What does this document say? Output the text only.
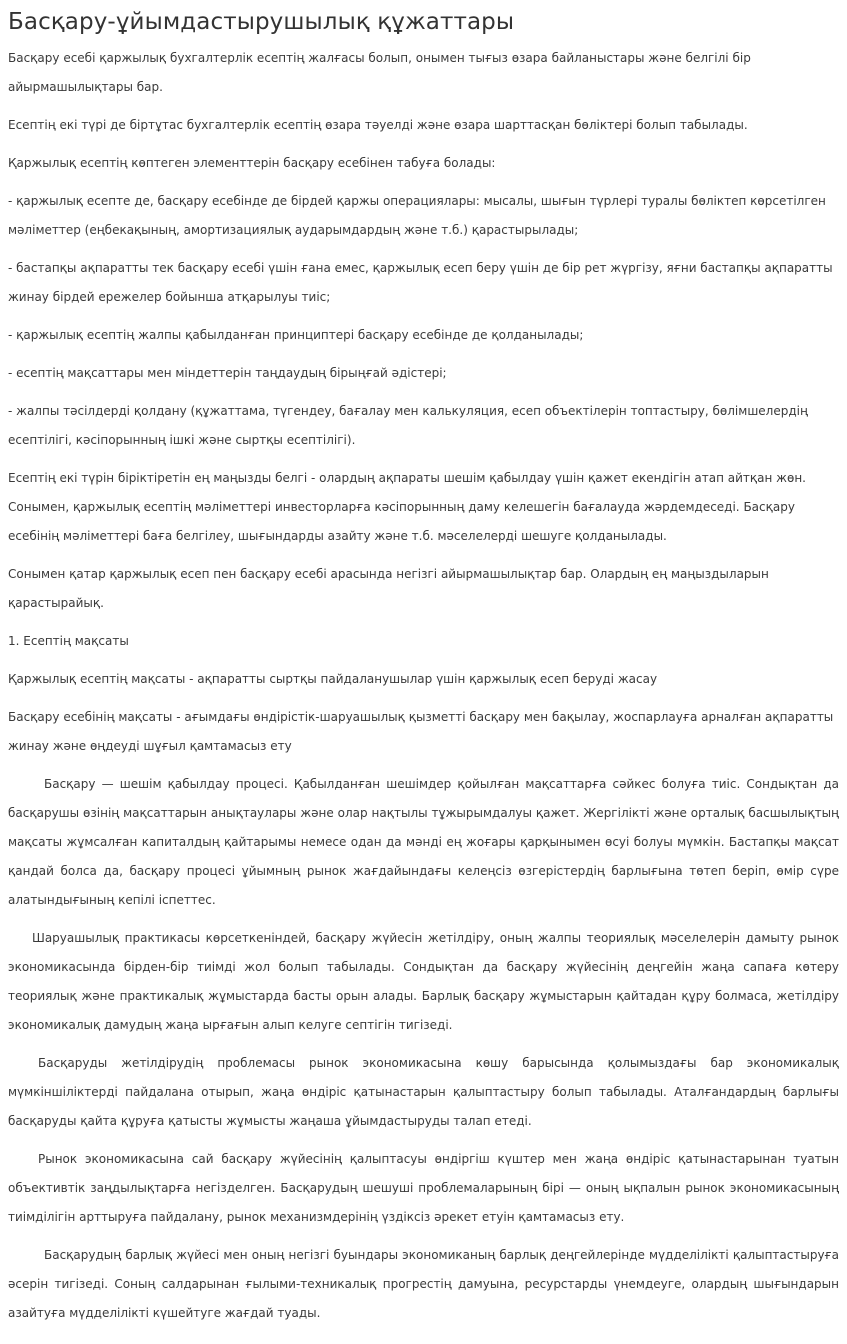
Басқару-ұйымдастырушылық құжаттары

Басқару есебі қаржылық бухгалтерлік есептің жалғасы болып, онымен тығыз өзара байланыстары және белгілі бір айырмашылықтары бар.

Есептің екі түрі де біртұтас бухгалтерлік есептің өзара тәуелді және өзара шарттасқан бөліктері болып табылады.

Қаржылық есептің көптеген элементтерін басқару есебінен табуға болады:

- қаржылық есепте де, басқару есебінде де бірдей қаржы операциялары: мысалы, шығын түрлері туралы бөліктеп көрсетілген мәліметтер (еңбекақының, амортизациялық аударымдардың және т.б.) қарастырылады;

- бастапқы ақпаратты тек басқару есебі үшін ғана емес, қаржылық есеп беру үшін де бір рет жүргізу, яғни бастапқы ақпаратты жинау бірдей ережелер бойынша атқарылуы тиіс;

- қаржылық есептің жалпы қабылданған принциптері басқару есебінде де қолданылады;

- есептің мақсаттары мен міндеттерін таңдаудың бірыңғай әдістері;

- жалпы тәсілдерді қолдану (құжаттама, түгендеу, бағалау мен калькуляция, есеп объектілерін топтастыру, бөлімшелердің есептілігі, кәсіпорынның ішкі және сыртқы есептілігі).

Есептің екі түрін біріктіретін ең маңызды белгі - олардың ақпараты шешім қабылдау үшін қажет екендігін атап айтқан жөн. Сонымен, қаржылық есептің мәліметтері инвесторларға кәсіпорынның даму келешегін бағалауда жәрдемдеседі. Басқару есебінің мәліметтері баға белгілеу, шығындарды азайту және т.б. мәселелерді шешуге қолданылады.

Сонымен қатар қаржылық есеп пен басқару есебі арасында негізгі айырмашылықтар бар. Олардың ең маңыздыларын қарастырайық.

1. Есептің мақсаты

Қаржылық есептің мақсаты - ақпаратты сыртқы пайдаланушылар үшін қаржылық есеп беруді жасау

Басқару есебінің мақсаты - ағымдағы өндірістік-шаруашылық қызметті басқару мен бақылау, жоспарлауға арналған ақпаратты жинау және өңдеуді шұғыл қамтамасыз ету

Басқару — шешім қабылдау процесі. Қабылданған шешімдер қойылған мақсаттарға сәйкес болуға тиіс. Сондықтан да басқарушы өзінің мақсаттарын анықтаулары және олар нақтылы тұжырымдалуы қажет. Жергілікті және орталық басшылықтың мақсаты жұмсалған капиталдың қайтарымы немесе одан да мәнді ең жоғары қарқынымен өсуі болуы мүмкін. Бастапқы мақсат қандай болса да, басқару процесі ұйымның рынок жағдайындағы келеңсіз өзгерістердің барлығына төтеп беріп, өмір сүре алатындығының кепілі іспеттес.

Шаруашылық практикасы көрсеткеніндей, басқару жүйесін жетілдіру, оның жалпы теориялық мәселелерін дамыту рынок экономикасында бірден-бір тиімді жол болып табылады. Сондықтан да басқару жүйесінің деңгейін жаңа сапаға көтеру теориялық және практикалық жұмыстарда басты орын алады. Барлық басқару жұмыстарын қайтадан құру болмаса, жетілдіру экономикалық дамудың жаңа ырғағын алып келуге септігін тигізеді.

Басқаруды жетілдірудің проблемасы рынок экономикасына көшу барысында қолымыздағы бар экономикалық мүмкіншіліктерді пайдалана отырып, жаңа өндіріс қатынастарын қалыптастыру болып табылады. Аталғандардың барлығы басқаруды қайта құруға қатысты жұмысты жаңаша ұйымдастыруды талап етеді.

Рынок экономикасына сай басқару жүйесінің қалыптасуы өндіргіш күштер мен жаңа өндіріс қатынастарынан туатын объективтік заңдылықтарға негізделген. Басқарудың шешуші проблемаларының бірі — оның ықпалын рынок экономикасының тиімділігін арттыруға пайдалану, рынок механизмдерінің үздіксіз әрекет етуін қамтамасыз ету.

Басқарудың барлық жүйесі мен оның негізгі буындары экономиканың барлық деңгейлерінде мүдделілікті қалыптастыруға әсерін тигізеді. Соның салдарынан ғылыми-техникалық прогрестің дамуына, ресурстарды үнемдеуге, олардың шығындарын азайтуға мүдделілікті күшейтуге жағдай туады.
